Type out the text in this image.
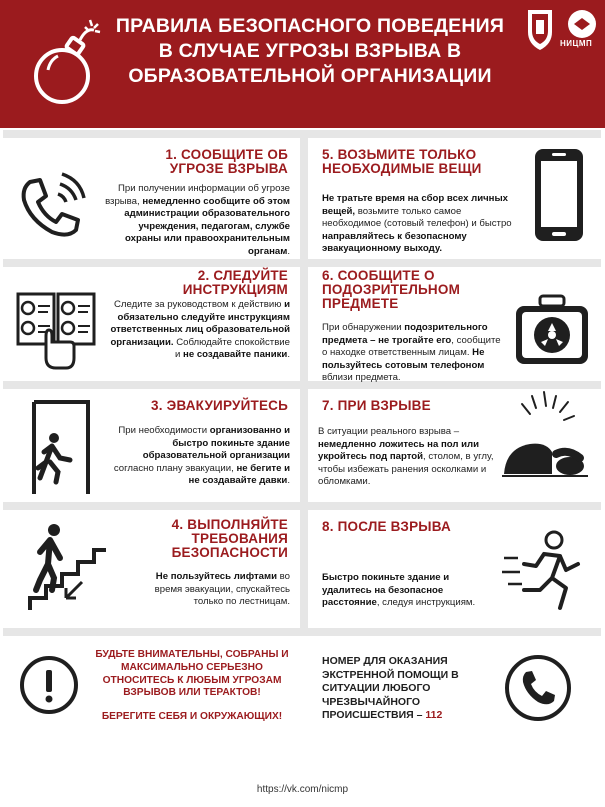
ПРАВИЛА БЕЗОПАСНОГО ПОВЕДЕНИЯ В СЛУЧАЕ УГРОЗЫ ВЗРЫВА В ОБРАЗОВАТЕЛЬНОЙ ОРГАНИЗАЦИИ
НИЦМП
1. СООБЩИТЕ ОБ УГРОЗЕ ВЗРЫВА
При получении информации об угрозе взрыва, немедленно сообщите об этом администрации образовательного учреждения, педагогам, службе охраны или правоохранительным органам.
5. ВОЗЬМИТЕ ТОЛЬКО НЕОБХОДИМЫЕ ВЕЩИ
Не тратьте время на сбор всех личных вещей, возьмите только самое необходимое (сотовый телефон) и быстро направляйтесь к безопасному эвакуационному выходу.
2. СЛЕДУЙТЕ ИНСТРУКЦИЯМ
Следите за руководством к действию и обязательно следуйте инструкциям ответственных лиц образовательной организации. Соблюдайте спокойствие и не создавайте паники.
6. СООБЩИТЕ О ПОДОЗРИТЕЛЬНОМ ПРЕДМЕТЕ
При обнаружении подозрительного предмета – не трогайте его, сообщите о находке ответственным лицам. Не пользуйтесь сотовым телефоном вблизи предмета.
3. ЭВАКУИРУЙТЕСЬ
При необходимости организованно и быстро покиньте здание образовательной организации согласно плану эвакуации, не бегите и не создавайте давки.
7. ПРИ ВЗРЫВЕ
В ситуации реального взрыва – немедленно ложитесь на пол или укройтесь под партой, столом, в углу, чтобы избежать ранения осколками и обломками.
4. ВЫПОЛНЯЙТЕ ТРЕБОВАНИЯ БЕЗОПАСНОСТИ
Не пользуйтесь лифтами во время эвакуации, спускайтесь только по лестницам.
8. ПОСЛЕ ВЗРЫВА
Быстро покиньте здание и удалитесь на безопасное расстояние, следуя инструкциям.
БУДЬТЕ ВНИМАТЕЛЬНЫ, СОБРАНЫ И МАКСИМАЛЬНО СЕРЬЕЗНО ОТНОСИТЕСЬ К ЛЮБЫМ УГРОЗАМ ВЗРЫВОВ ИЛИ ТЕРАКТОВ!
БЕРЕГИТЕ СЕБЯ И ОКРУЖАЮЩИХ!
НОМЕР ДЛЯ ОКАЗАНИЯ ЭКСТРЕННОЙ ПОМОЩИ В СИТУАЦИИ ЛЮБОГО ЧРЕЗВЫЧАЙНОГО ПРОИСШЕСТВИЯ – 112
https://vk.com/nicmp
